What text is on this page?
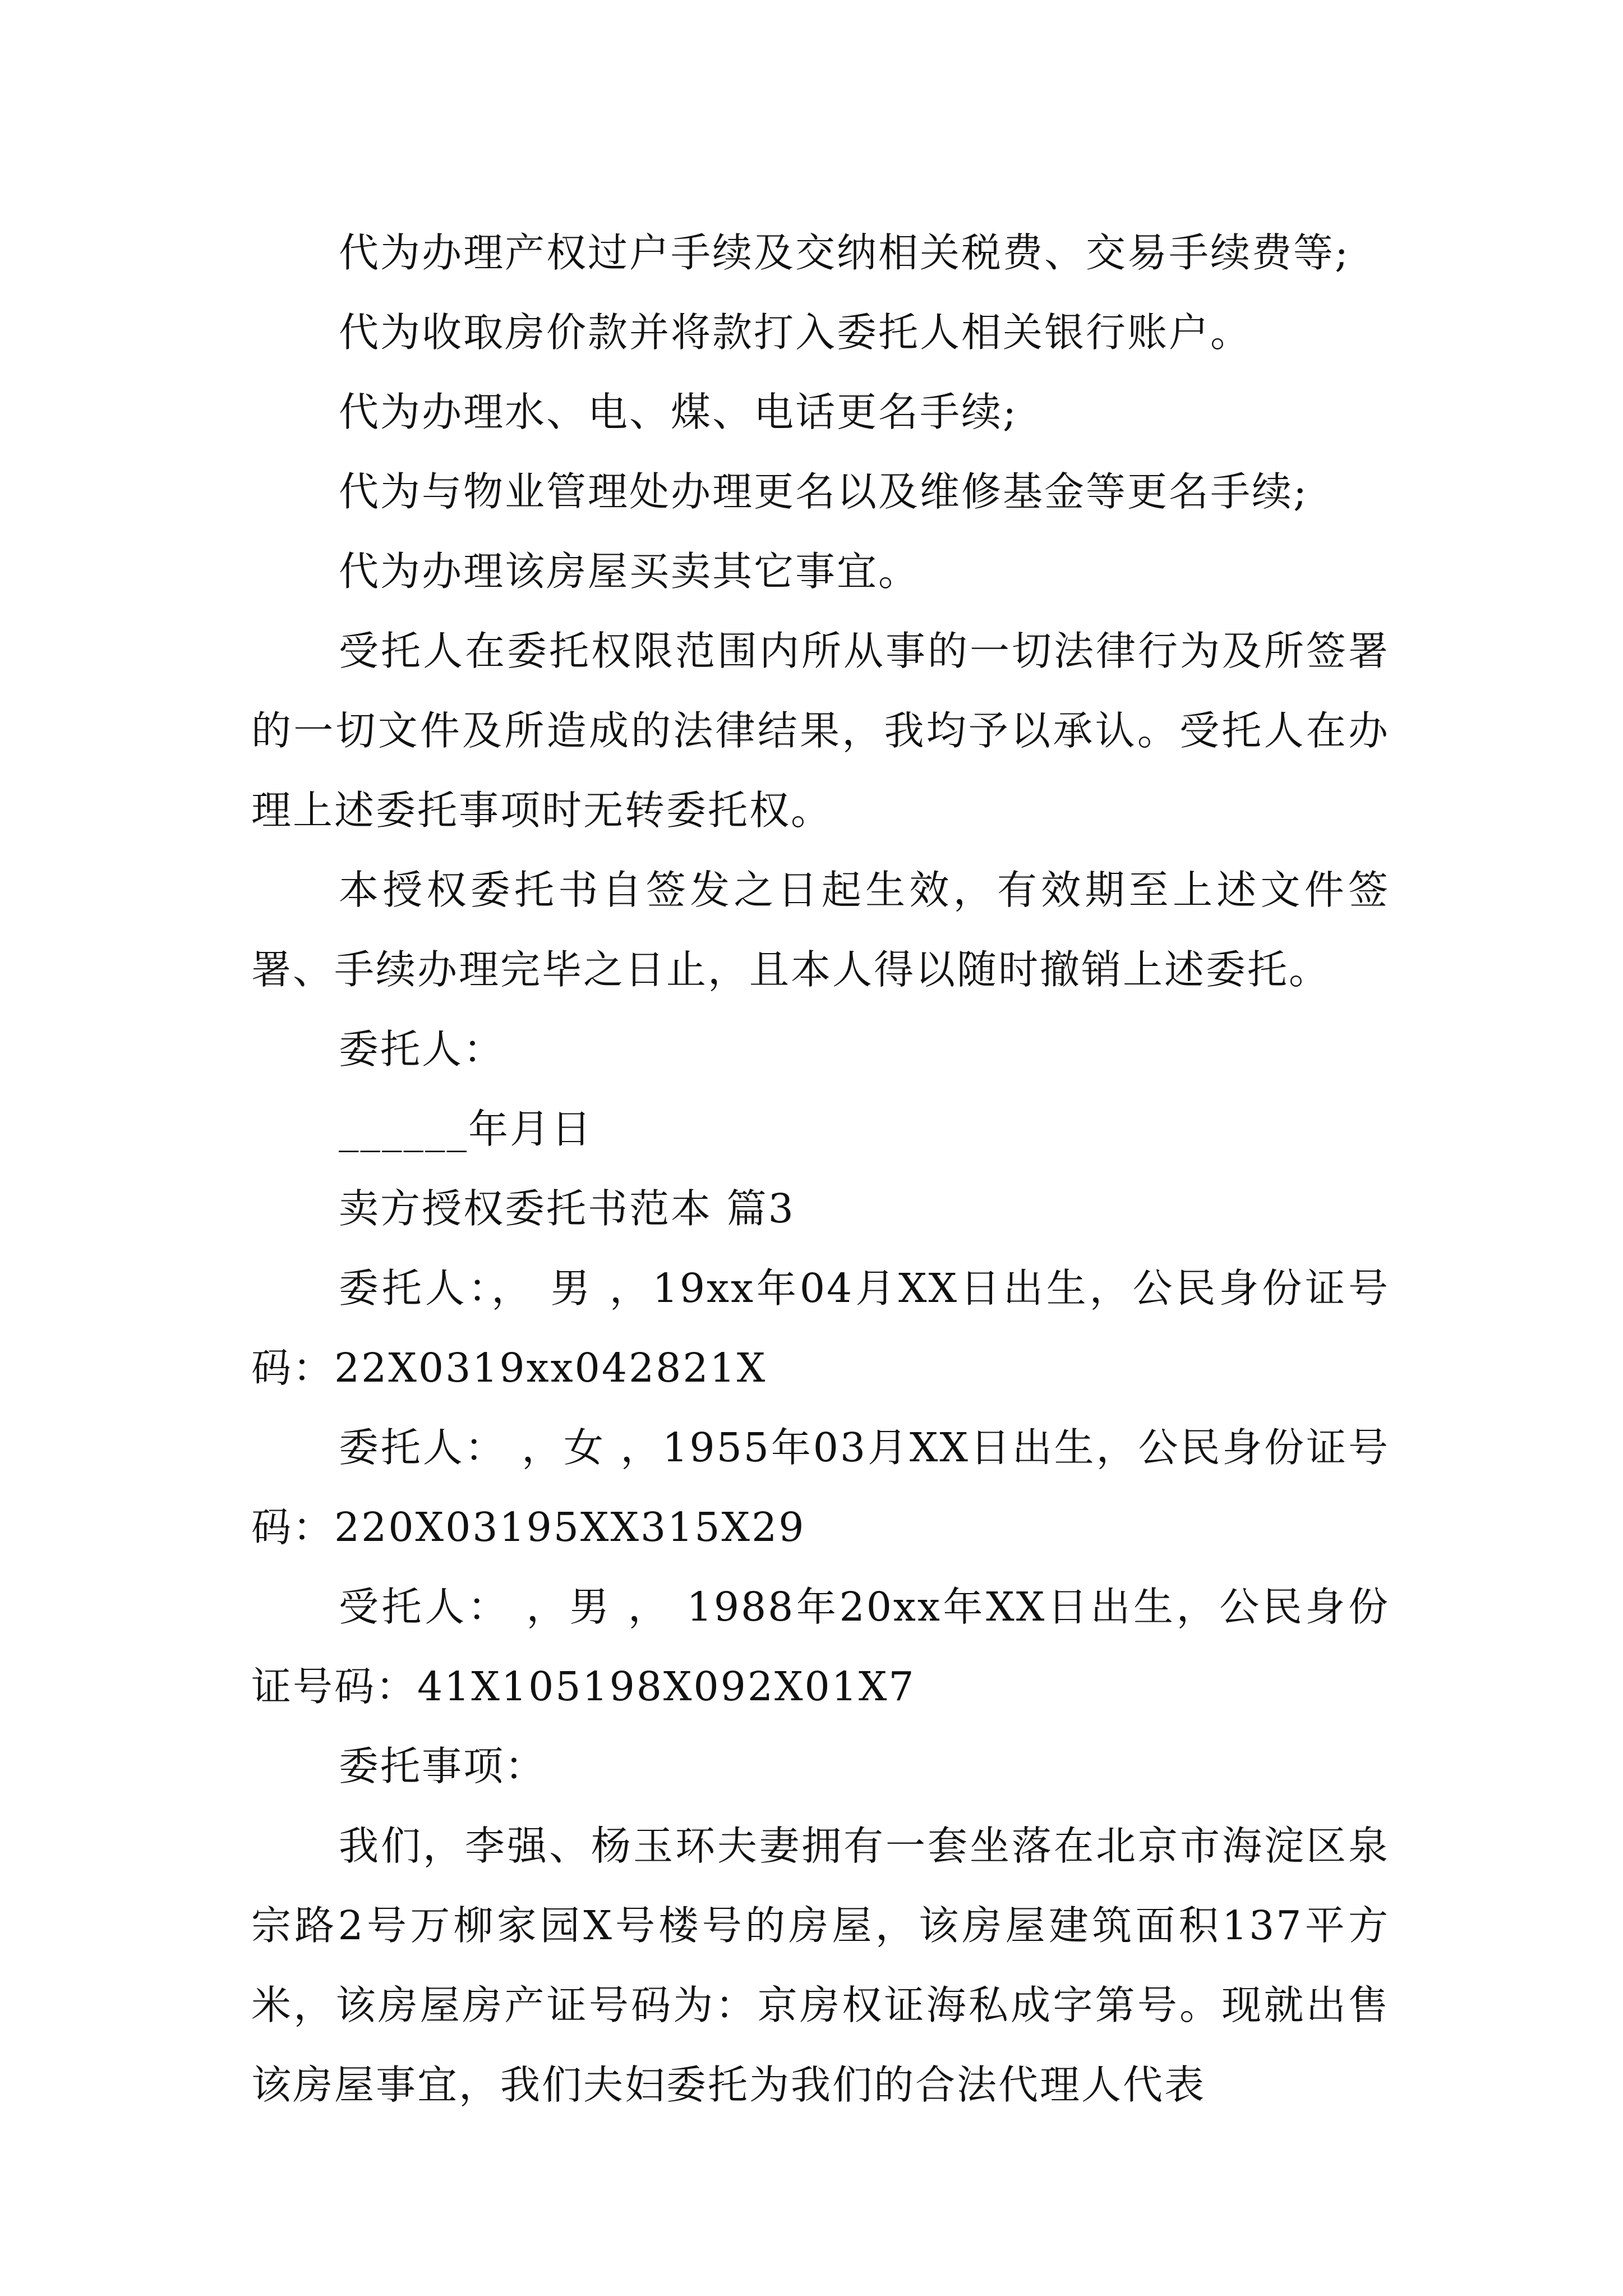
代为办理产权过户手续及交纳相关税费、交易手续费等;

代为收取房价款并将款打入委托人相关银行账户。

代为办理水、电、煤、电话更名手续;

代为与物业管理处办理更名以及维修基金等更名手续;

代为办理该房屋买卖其它事宜。

受托人在委托权限范围内所从事的一切法律行为及所签署的一切文件及所造成的法律结果，我均予以承认。受托人在办理上述委托事项时无转委托权。

本授权委托书自签发之日起生效，有效期至上述文件签署、手续办理完毕之日止，且本人得以随时撤销上述委托。

委托人：

______年月日

卖方授权委托书范本 篇3

委托人：， 男 ，19xx年04月XX日出生，公民身份证号码：22X0319xx042821X

委托人： ，女 ，1955年03月XX日出生，公民身份证号码：220X03195XX315X29

受托人： ，男 ， 1988年20xx年XX日出生，公民身份证号码：41X105198X092X01X7

委托事项：

我们，李强、杨玉环夫妻拥有一套坐落在北京市海淀区泉宗路2号万柳家园X号楼号的房屋，该房屋建筑面积137平方米，该房屋房产证号码为：京房权证海私成字第号。现就出售该房屋事宜，我们夫妇委托为我们的合法代理人代表
